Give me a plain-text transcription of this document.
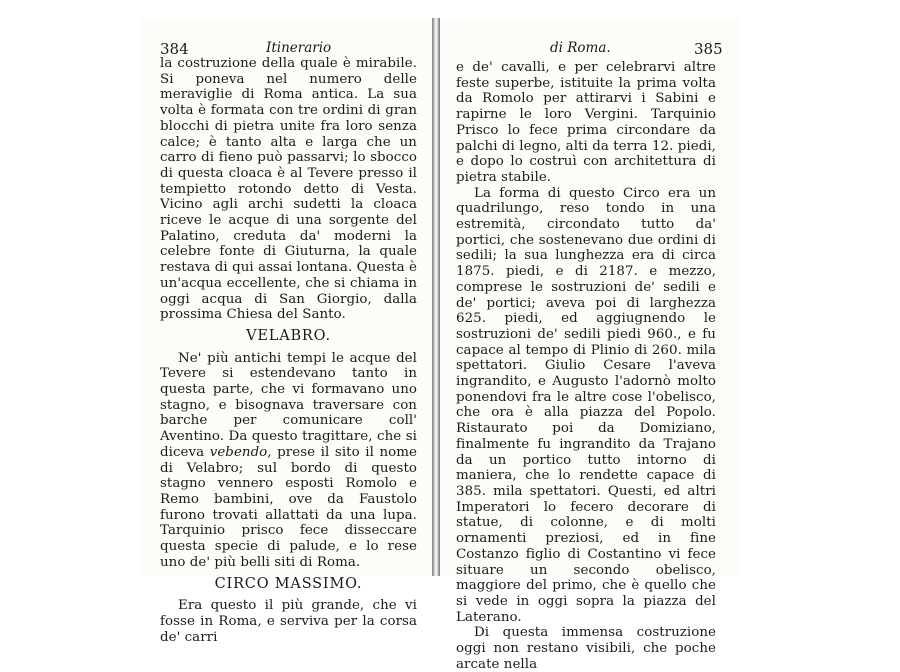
384	Itinerario

la costruzione della quale è mirabile. Si poneva nel numero delle meraviglie di Roma antica. La sua volta è formata con tre ordini di gran blocchi di pietra unite fra loro senza calce; è tanto alta e larga che un carro di fieno può passarvi; lo sbocco di questa cloaca è al Tevere presso il tempietto rotondo detto di Vesta. Vicino agli archi sudetti la cloaca riceve le acque di una sorgente del Palatino, creduta da' moderni la celebre fonte di Giuturna, la quale restava di qui assai lontana. Questa è un'acqua eccellente, che si chiama in oggi acqua di San Giorgio, dalla prossima Chiesa del Santo.

VELABRO.

Ne' più antichi tempi le acque del Tevere si estendevano tanto in questa parte, che vi formavano uno stagno, e bisognava traversare con barche per comunicare coll' Aventino. Da questo tragittare, che si diceva vebendo, prese il sito il nome di Velabro; sul bordo di questo stagno vennero esposti Romolo e Remo bambini, ove da Faustolo furono trovati allattati da una lupa. Tarquinio prisco fece disseccare questa specie di palude, e lo rese uno de' più belli siti di Roma.

CIRCO MASSIMO.

Era questo il più grande, che vi fosse in Roma, e serviva per la corsa de' carri

di Roma.	385

e de' cavalli, e per celebrarvi altre feste superbe, istituite la prima volta da Romolo per attirarvi i Sabini e rapirne le loro Vergini. Tarquinio Prisco lo fece prima circondare da palchi di legno, alti da terra 12. piedi, e dopo lo costruì con architettura di pietra stabile.

La forma di questo Circo era un quadrilungo, reso tondo in una estremità, circondato tutto da' portici, che sostenevano due ordini di sedili; la sua lunghezza era di circa 1875. piedi, e di 2187. e mezzo, comprese le sostruzioni de' sedili e de' portici; aveva poi di larghezza 625. piedi, ed aggiugnendo le sostruzioni de' sedili piedi 960., e fu capace al tempo di Plinio di 260. mila spettatori. Giulio Cesare l'aveva ingrandito, e Augusto l'adornò molto ponendovi fra le altre cose l'obelisco, che ora è alla piazza del Popolo. Ristaurato poi da Domiziano, finalmente fu ingrandito da Trajano da un portico tutto intorno di maniera, che lo rendette capace di 385. mila spettatori. Questi, ed altri Imperatori lo fecero decorare di statue, di colonne, e di molti ornamenti preziosi, ed in fine Costanzo figlio di Costantino vi fece situare un secondo obelisco, maggiore del primo, che è quello che si vede in oggi sopra la piazza del Laterano.

Di questa immensa costruzione oggi non restano visibili, che poche arcate nella
